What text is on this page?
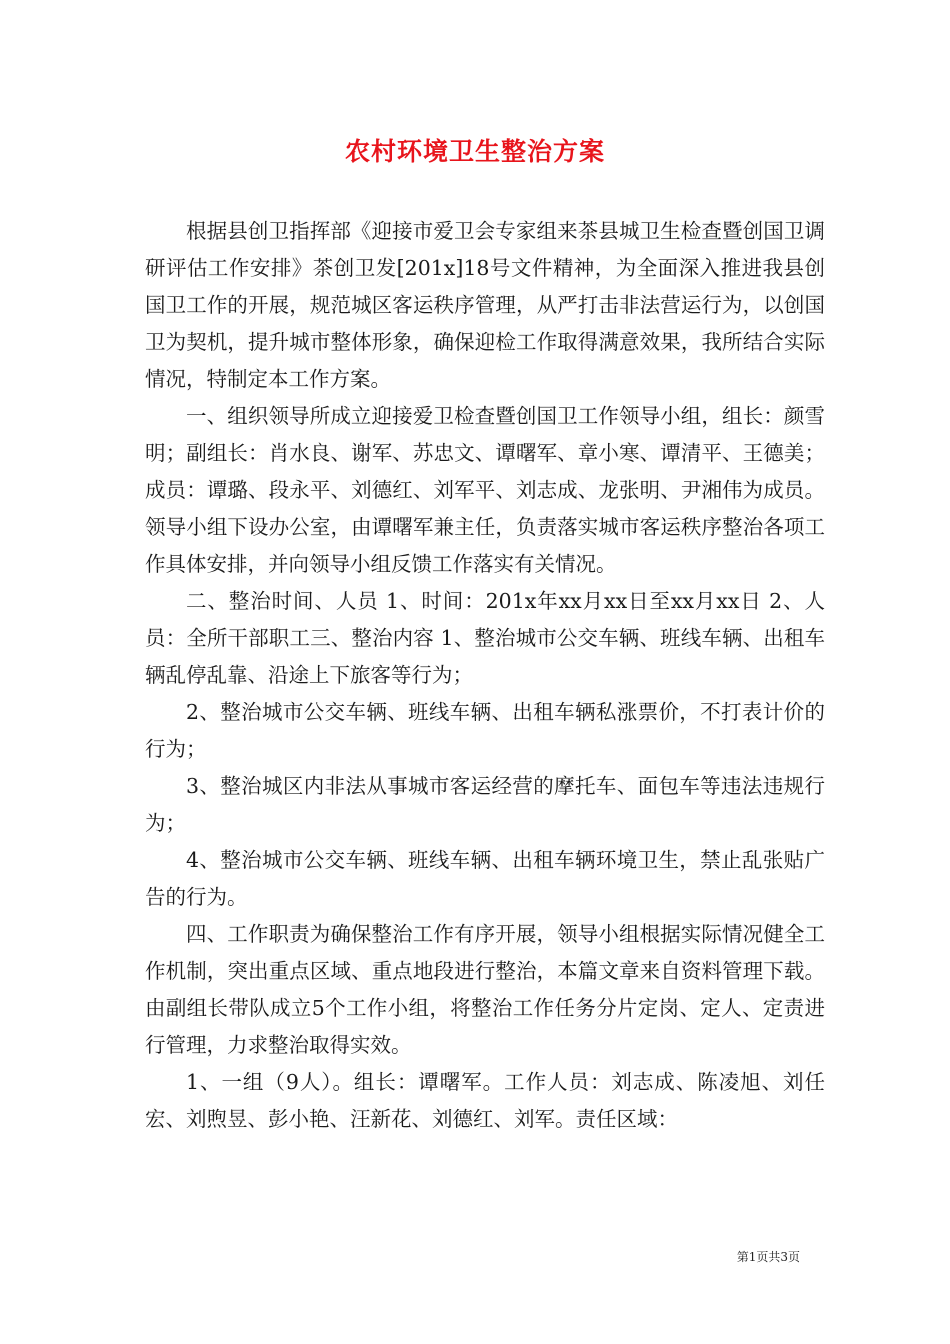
农村环境卫生整治方案

根据县创卫指挥部《迎接市爱卫会专家组来茶县城卫生检查暨创国卫调研评估工作安排》茶创卫发[201x]18号文件精神，为全面深入推进我县创国卫工作的开展，规范城区客运秩序管理，从严打击非法营运行为，以创国卫为契机，提升城市整体形象，确保迎检工作取得满意效果，我所结合实际情况，特制定本工作方案。

一、组织领导所成立迎接爱卫检查暨创国卫工作领导小组，组长：颜雪明；副组长：肖水良、谢军、苏忠文、谭曙军、章小寒、谭清平、王德美；成员：谭璐、段永平、刘德红、刘军平、刘志成、龙张明、尹湘伟为成员。领导小组下设办公室，由谭曙军兼主任，负责落实城市客运秩序整治各项工作具体安排，并向领导小组反馈工作落实有关情况。

二、整治时间、人员 1、时间：201x年xx月xx日至xx月xx日 2、人员：全所干部职工三、整治内容 1、整治城市公交车辆、班线车辆、出租车辆乱停乱靠、沿途上下旅客等行为；

2、整治城市公交车辆、班线车辆、出租车辆私涨票价，不打表计价的行为；

3、整治城区内非法从事城市客运经营的摩托车、面包车等违法违规行为；

4、整治城市公交车辆、班线车辆、出租车辆环境卫生，禁止乱张贴广告的行为。

四、工作职责为确保整治工作有序开展，领导小组根据实际情况健全工作机制，突出重点区域、重点地段进行整治，本篇文章来自资料管理下载。由副组长带队成立5个工作小组，将整治工作任务分片定岗、定人、定责进行管理，力求整治取得实效。

1、一组（9人）。组长：谭曙军。工作人员：刘志成、陈凌旭、刘任宏、刘煦昱、彭小艳、汪新花、刘德红、刘军。责任区域：

第1页共3页
